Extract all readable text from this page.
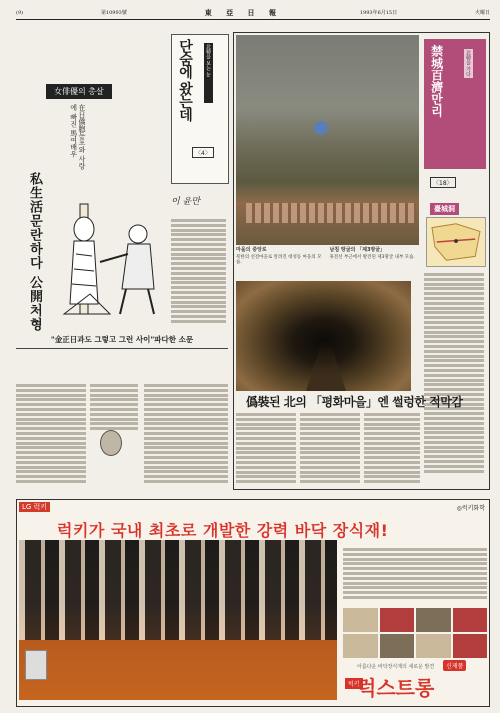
(9)	第10993號	東 亞 日 報	1993年6月15日	火曜日
女俳優의 총살
在日僑胞동포와 사랑에 빠진 馬여배우
私生活문란하다 公開처형
단숨에 왔는데	北韓을 보는 눈
〈4〉
이 윤만
"金正日과도 그렇고 그런 사이"파다한 소문
마을의 중앙로
북한의 선전마을로 알려진 대성동 마을의 모습.
남침 땅굴의 「제3땅굴」
휴전선 부근에서 발견된 제3땅굴 내부 모습.
禁城百濟만리	北韓을 가다
〈18〉
臺城洞
僞裝된 北의 「평화마을」엔 썰렁한 적막감
LG 럭키	◎럭키화학
럭키가 국내 최초로 개발한 강력 바닥 장식재!
아름다운 바닥장식재의 새로운 발견
럭키
럭스트롱
신제품
